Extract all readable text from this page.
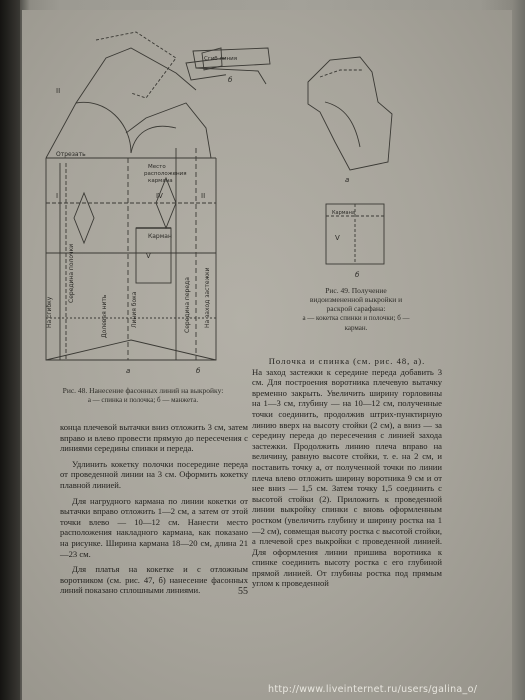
Отрезать
Место
расположения
кармана
Карман
а
II
IV
V
I	II
б
На сгибку
Середина полочки
Долевая нить	Линия бока	Середина переда На заход застежки
Сгиб линия
б
а
Кармана
V
б
Рис. 48. Нанесение фасонных линий на выкройку:
а — спинка и полочка; б — манжета.
Рис. 49. Получение видоизмененной выкройки и раскрой сарафана:
а — кокетка спинки и полочки; б — карман.

конца плечевой вытачки вниз отложить 3 см, затем вправо и влево провести прямую до пересечения с линиями середины спинки и переда.

Удлинить кокетку полочки посередине переда от проведенной линии на 3 см. Оформить кокетку плавной линией.

Для нагрудного кармана по линии кокетки от вытачки вправо отложить 1—2 см, а затем от этой точки влево — 10—12 см. Нанести место расположения накладного кармана, как показано на рисунке. Ширина кармана 18—20 см, длина 21—23 см.

Для платья на кокетке и с отложным воротником (см. рис. 47, б) нанесение фасонных линий показано сплошными линиями.

Полочка и спинка (см. рис. 48, а).

На заход застежки к середине переда добавить 3 см. Для построения воротника плечевую вытачку временно закрыть. Увеличить ширину горловины на 1—3 см, глубину — на 10—12 см, полученные точки соединить, продолжив штрих-пунктирную линию вверх на высоту стойки (2 см), а вниз — за середину переда до пересечения с линией захода застежки. Продолжить линию плеча вправо на величину, равную высоте стойки, т. е. на 2 см, и поставить точку а, от полученной точки по линии плеча влево отложить ширину воротника 9 см и от нее вниз — 1,5 см. Затем точку 1,5 соединить с высотой стойки (2). Приложить к проведенной линии выкройку спинки с вновь оформленным ростком (увеличить глубину и ширину ростка на 1—2 см), совмещая высоту ростка с высотой стойки, а плечевой срез выкройки с проведенной линией. Для оформления линии пришива воротника к спинке соединить высоту ростка с его глубиной прямой линией. От глубины ростка под прямым углом к проведенной

55
http://www.liveinternet.ru/users/galina_o/
